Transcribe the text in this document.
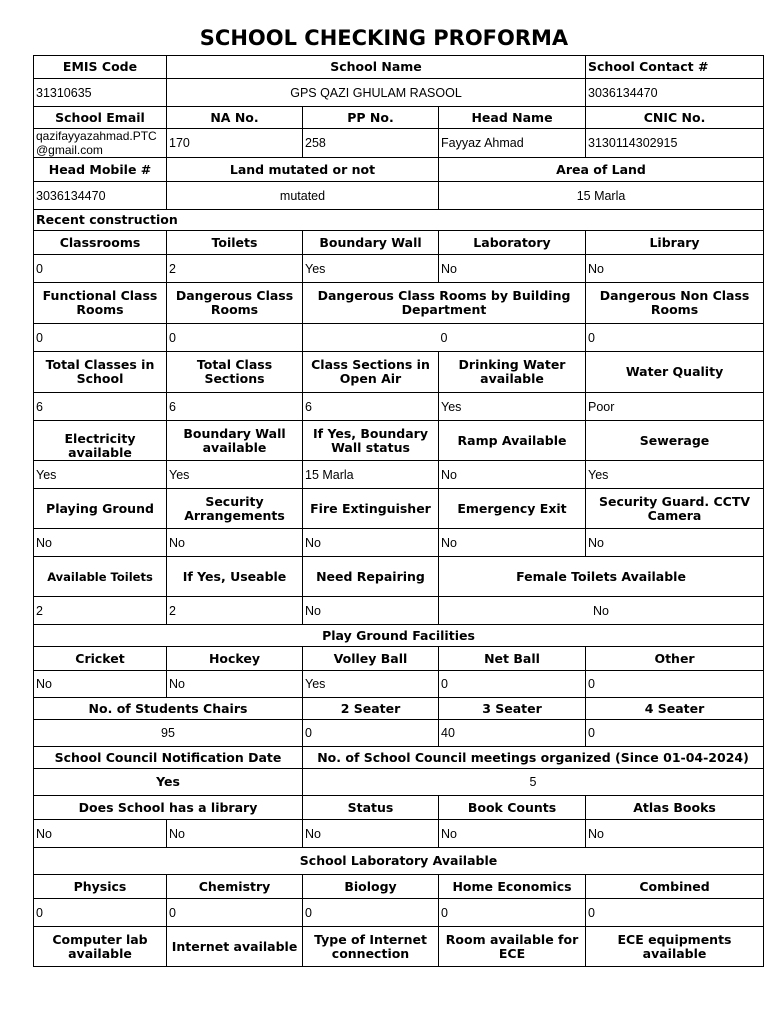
SCHOOL CHECKING PROFORMA
EMIS Code	School Name			School Contact #
31310635	GPS QAZI GHULAM RASOOL			3036134470
School Email	NA No.	PP No.	Head Name	CNIC No.
qazifayyazahmad.PTC@gmail.com	170	258	Fayyaz Ahmad	3130114302915
Head Mobile #	Land mutated or not		Area of Land	
3036134470	mutated		15 Marla	
Recent construction				
Classrooms	Toilets	Boundary Wall	Laboratory	Library
0	2	Yes	No	No
Functional Class Rooms	Dangerous Class Rooms	Dangerous Class Rooms by Building Department		Dangerous Non Class Rooms
0	0	0		0
Total Classes in School	Total Class Sections	Class Sections in Open Air	Drinking Water available	Water Quality
6	6	6	Yes	Poor
Electricity available	Boundary Wall available	If Yes, Boundary Wall status	Ramp Available	Sewerage
Yes	Yes	15 Marla	No	Yes
Playing Ground	Security Arrangements	Fire Extinguisher	Emergency Exit	Security Guard. CCTV Camera
No	No	No	No	No
Available Toilets	If Yes, Useable	Need Repairing	Female Toilets Available	
2	2	No	No	
Play Ground Facilities				
Cricket	Hockey	Volley Ball	Net Ball	Other
No	No	Yes	0	0
No. of Students Chairs		2 Seater	3 Seater	4 Seater
95		0	40	0
School Council Notification Date		No. of School Council meetings organized (Since 01-04-2024)		
Yes		5		
Does School has a library		Status	Book Counts	Atlas Books
No	No	No	No	No
School Laboratory Available				
Physics	Chemistry	Biology	Home Economics	Combined
0	0	0	0	0
Computer lab available	Internet available	Type of Internet connection	Room available for ECE	ECE equipments available
